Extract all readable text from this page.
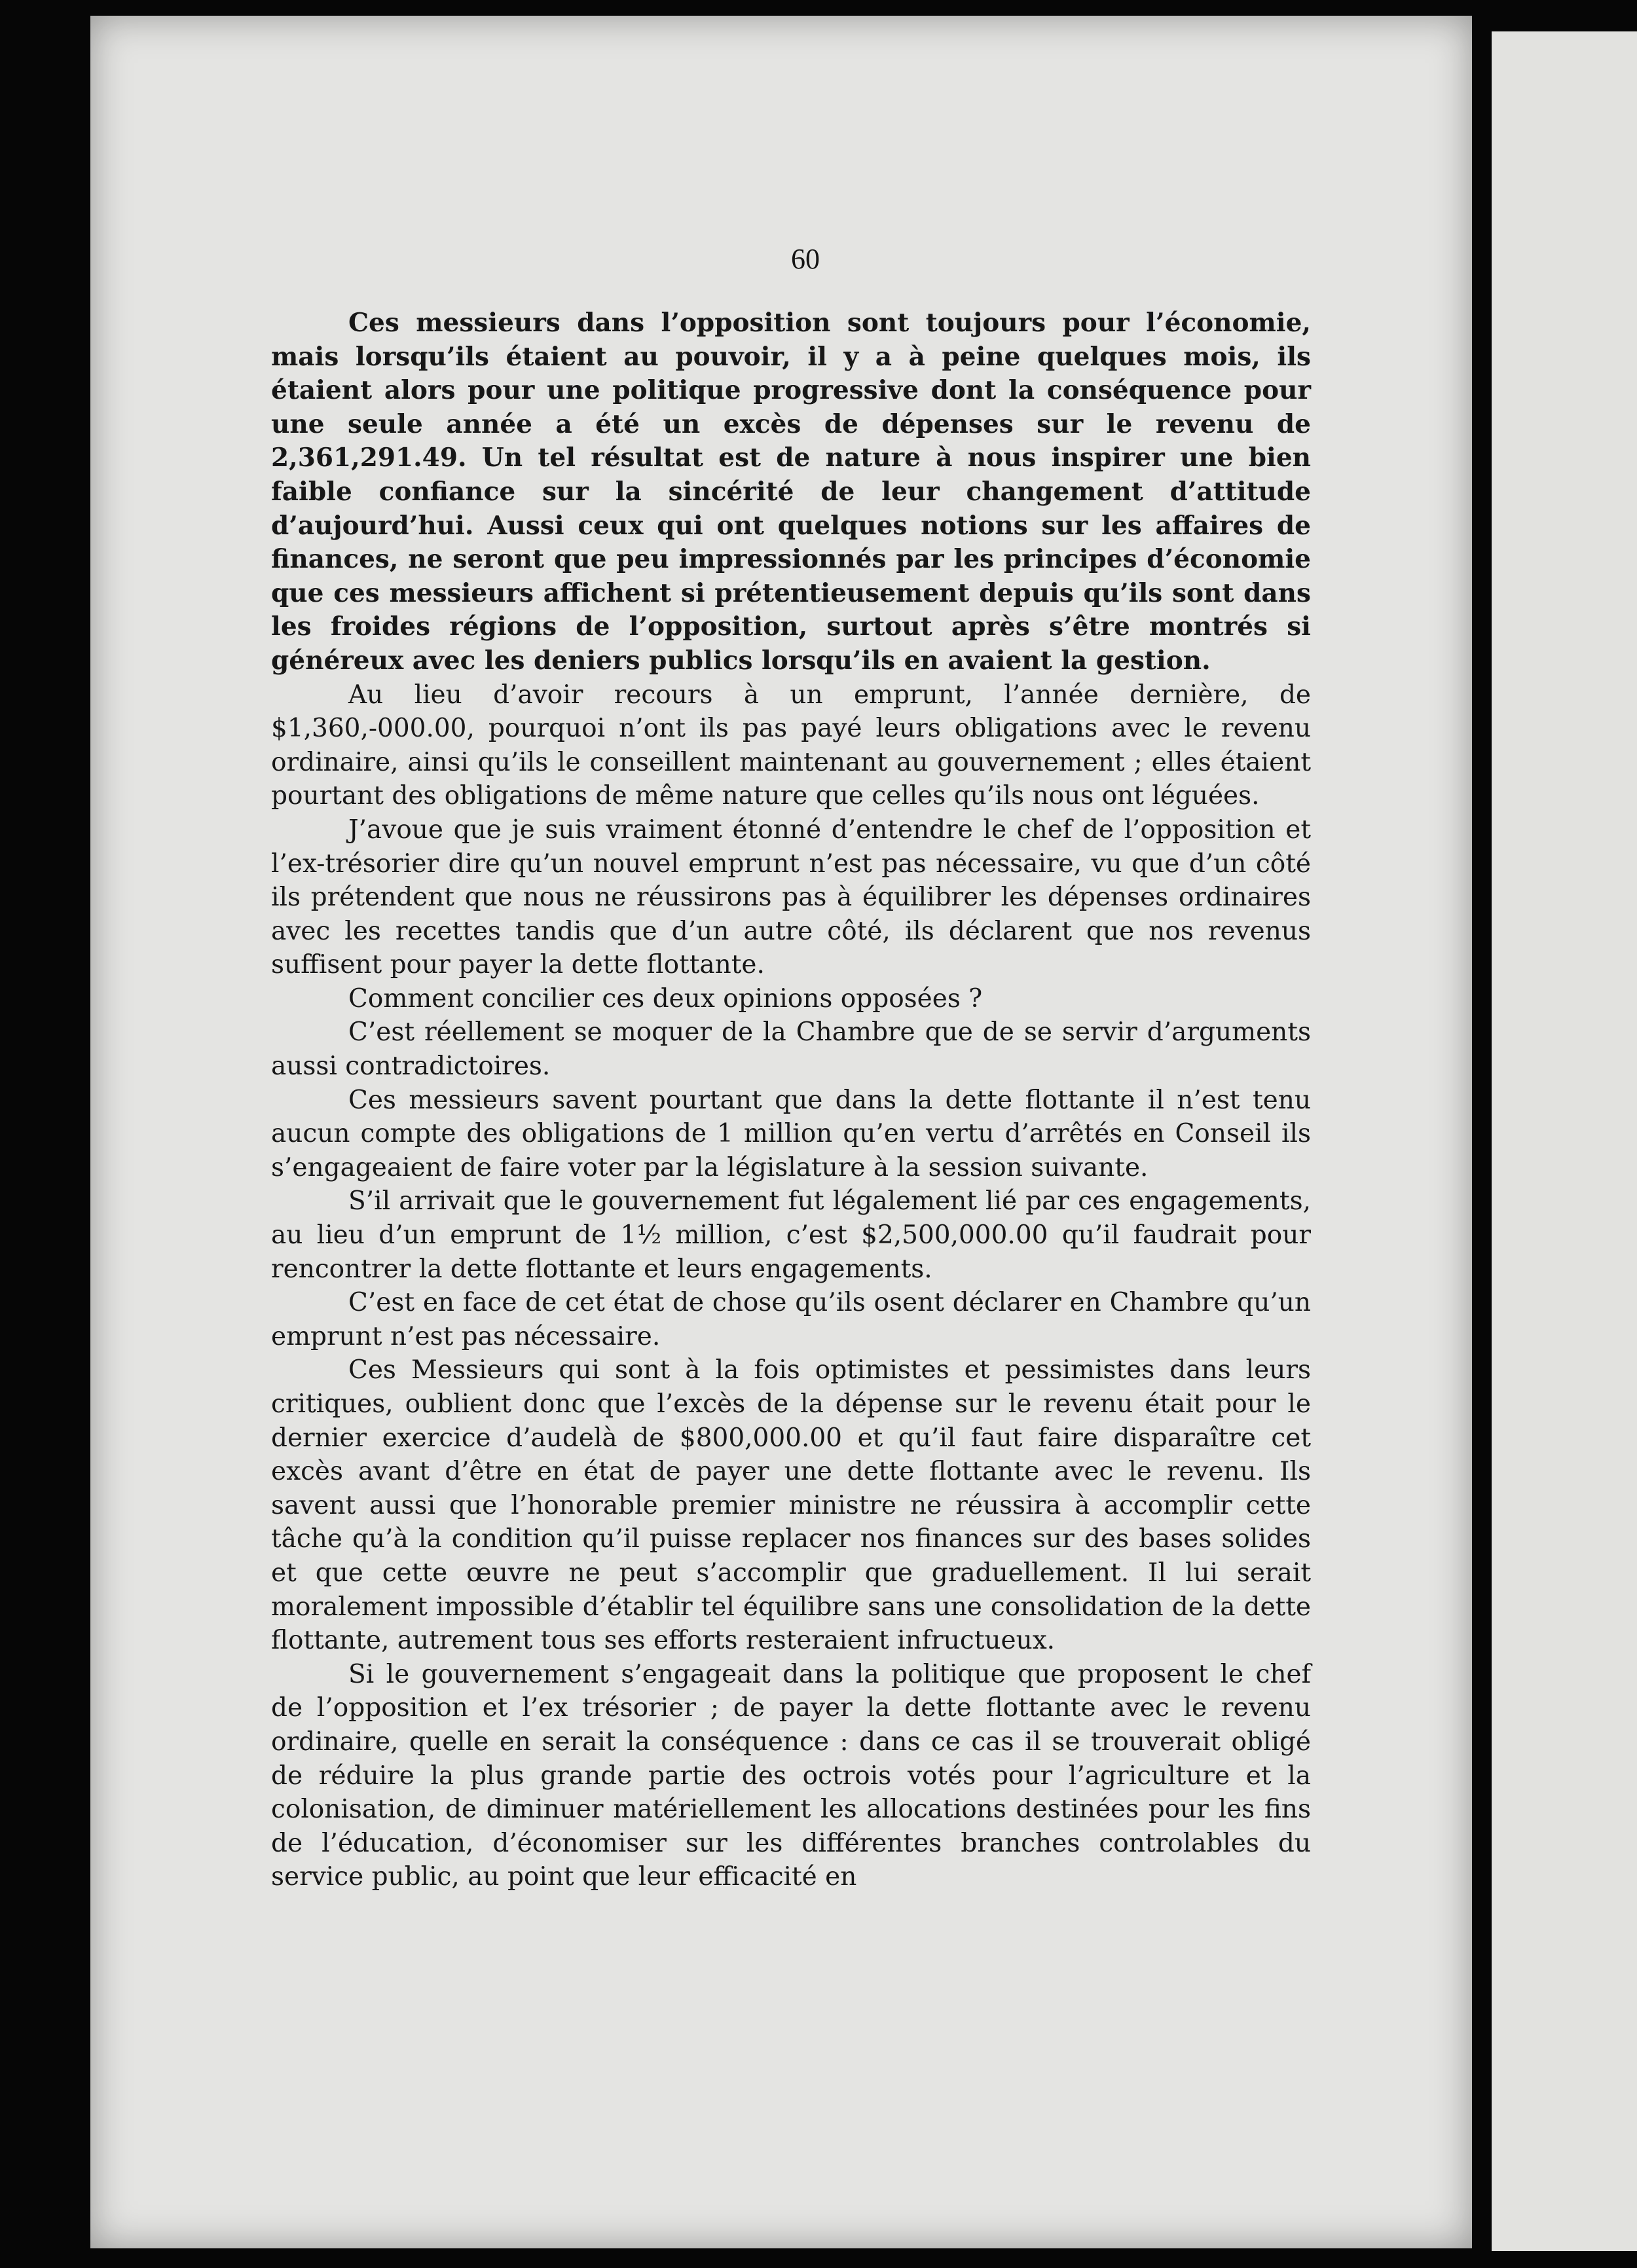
60

Ces messieurs dans l’opposition sont toujours pour l’économie, mais lorsqu’ils étaient au pouvoir, il y a à peine quelques mois, ils étaient alors pour une politique progressive dont la conséquence pour une seule année a été un excès de dépenses sur le revenu de 2,361,291.49. Un tel résultat est de nature à nous inspirer une bien faible confiance sur la sincérité de leur changement d’attitude d’aujourd’hui. Aussi ceux qui ont quelques notions sur les affaires de finances, ne seront que peu impressionnés par les principes d’économie que ces messieurs affichent si prétentieusement depuis qu’ils sont dans les froides régions de l’opposition, surtout après s’être montrés si généreux avec les deniers publics lorsqu’ils en avaient la gestion.

Au lieu d’avoir recours à un emprunt, l’année dernière, de $1,360,-000.00, pourquoi n’ont ils pas payé leurs obligations avec le revenu ordinaire, ainsi qu’ils le conseillent maintenant au gouvernement ; elles étaient pourtant des obligations de même nature que celles qu’ils nous ont léguées.

J’avoue que je suis vraiment étonné d’entendre le chef de l’opposition et l’ex-trésorier dire qu’un nouvel emprunt n’est pas nécessaire, vu que d’un côté ils prétendent que nous ne réussirons pas à équilibrer les dépenses ordinaires avec les recettes tandis que d’un autre côté, ils déclarent que nos revenus suffisent pour payer la dette flottante.

Comment concilier ces deux opinions opposées ?

C’est réellement se moquer de la Chambre que de se servir d’arguments aussi contradictoires.

Ces messieurs savent pourtant que dans la dette flottante il n’est tenu aucun compte des obligations de 1 million qu’en vertu d’arrêtés en Conseil ils s’engageaient de faire voter par la législature à la session suivante.

S’il arrivait que le gouvernement fut légalement lié par ces engagements, au lieu d’un emprunt de 1½ million, c’est $2,500,000.00 qu’il faudrait pour rencontrer la dette flottante et leurs engagements.

C’est en face de cet état de chose qu’ils osent déclarer en Chambre qu’un emprunt n’est pas nécessaire.

Ces Messieurs qui sont à la fois optimistes et pessimistes dans leurs critiques, oublient donc que l’excès de la dépense sur le revenu était pour le dernier exercice d’audelà de $800,000.00 et qu’il faut faire disparaître cet excès avant d’être en état de payer une dette flottante avec le revenu. Ils savent aussi que l’honorable premier ministre ne réussira à accomplir cette tâche qu’à la condition qu’il puisse replacer nos finances sur des bases solides et que cette œuvre ne peut s’accomplir que graduellement. Il lui serait moralement impossible d’établir tel équilibre sans une consolidation de la dette flottante, autrement tous ses efforts resteraient infructueux.

Si le gouvernement s’engageait dans la politique que proposent le chef de l’opposition et l’ex trésorier ; de payer la dette flottante avec le revenu ordinaire, quelle en serait la conséquence : dans ce cas il se trouverait obligé de réduire la plus grande partie des octrois votés pour l’agriculture et la colonisation, de diminuer matériellement les allocations destinées pour les fins de l’éducation, d’économiser sur les différentes branches controlables du service public, au point que leur efficacité en
